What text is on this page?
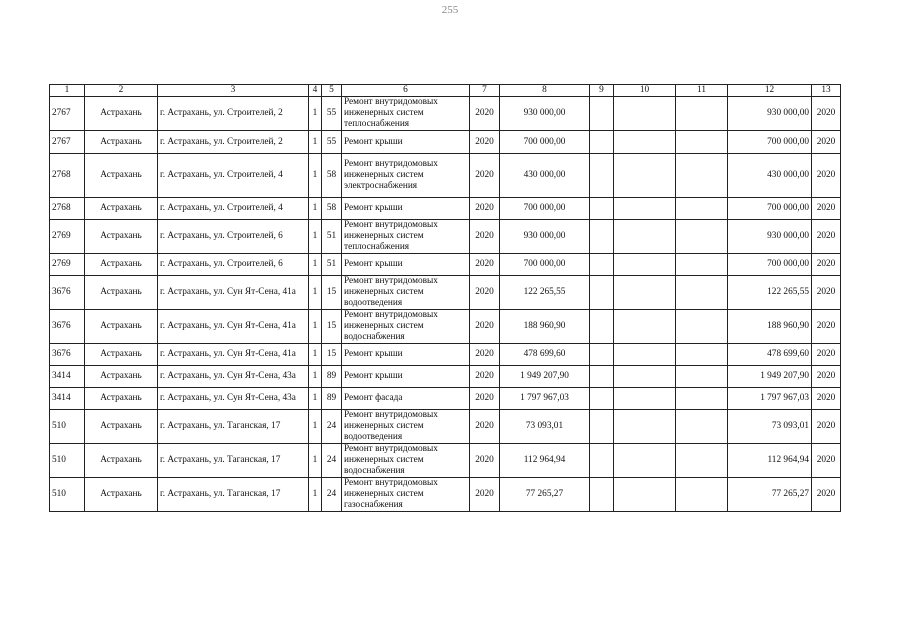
255
1	2	3	4	5	6	7	8	9	10	11	12	13
2767	Астрахань	г. Астрахань, ул. Строителей, 2	1	55	Ремонт внутридомовых инженерных систем теплоснабжения	2020	930 000,00				930 000,00	2020
2767	Астрахань	г. Астрахань, ул. Строителей, 2	1	55	Ремонт крыши	2020	700 000,00				700 000,00	2020
2768	Астрахань	г. Астрахань, ул. Строителей, 4	1	58	Ремонт внутридомовых инженерных систем электроснабжения	2020	430 000,00				430 000,00	2020
2768	Астрахань	г. Астрахань, ул. Строителей, 4	1	58	Ремонт крыши	2020	700 000,00				700 000,00	2020
2769	Астрахань	г. Астрахань, ул. Строителей, 6	1	51	Ремонт внутридомовых инженерных систем теплоснабжения	2020	930 000,00				930 000,00	2020
2769	Астрахань	г. Астрахань, ул. Строителей, 6	1	51	Ремонт крыши	2020	700 000,00				700 000,00	2020
3676	Астрахань	г. Астрахань, ул. Сун Ят-Сена, 41а	1	15	Ремонт внутридомовых инженерных систем водоотведения	2020	122 265,55				122 265,55	2020
3676	Астрахань	г. Астрахань, ул. Сун Ят-Сена, 41а	1	15	Ремонт внутридомовых инженерных систем водоснабжения	2020	188 960,90				188 960,90	2020
3676	Астрахань	г. Астрахань, ул. Сун Ят-Сена, 41а	1	15	Ремонт крыши	2020	478 699,60				478 699,60	2020
3414	Астрахань	г. Астрахань, ул. Сун Ят-Сена, 43а	1	89	Ремонт крыши	2020	1 949 207,90				1 949 207,90	2020
3414	Астрахань	г. Астрахань, ул. Сун Ят-Сена, 43а	1	89	Ремонт фасада	2020	1 797 967,03				1 797 967,03	2020
510	Астрахань	г. Астрахань, ул. Таганская, 17	1	24	Ремонт внутридомовых инженерных систем водоотведения	2020	73 093,01				73 093,01	2020
510	Астрахань	г. Астрахань, ул. Таганская, 17	1	24	Ремонт внутридомовых инженерных систем водоснабжения	2020	112 964,94				112 964,94	2020
510	Астрахань	г. Астрахань, ул. Таганская, 17	1	24	Ремонт внутридомовых инженерных систем газоснабжения	2020	77 265,27				77 265,27	2020
